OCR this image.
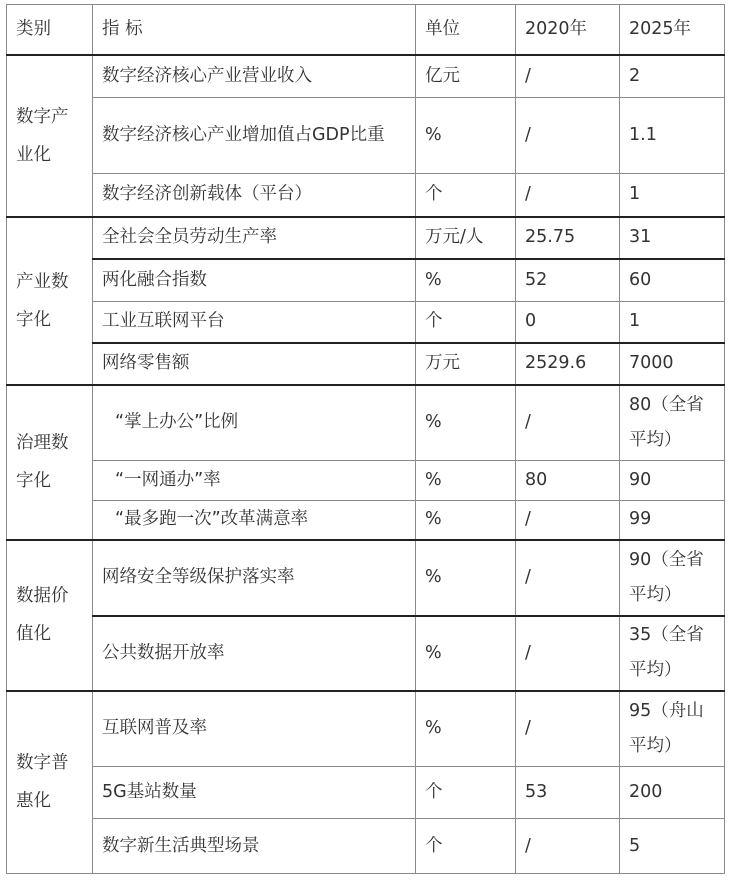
类别	指 标	单位	2020年	2025年
数字产业化	数字经济核心产业营业收入	亿元	/	2
	数字经济核心产业增加值占GDP比重	%	/	1.1
	数字经济创新载体（平台）	个	/	1
产业数字化	全社会全员劳动生产率	万元/人	25.75	31
	两化融合指数	%	52	60
	工业互联网平台	个	0	1
	网络零售额	万元	2529.6	7000
治理数字化	“掌上办公”比例	%	/	80（全省平均）
	“一网通办”率	%	80	90
	“最多跑一次”改革满意率	%	/	99
数据价值化	网络安全等级保护落实率	%	/	90（全省平均）
	公共数据开放率	%	/	35（全省平均）
数字普惠化	互联网普及率	%	/	95（舟山平均）
	5G基站数量	个	53	200
	数字新生活典型场景	个	/	5
